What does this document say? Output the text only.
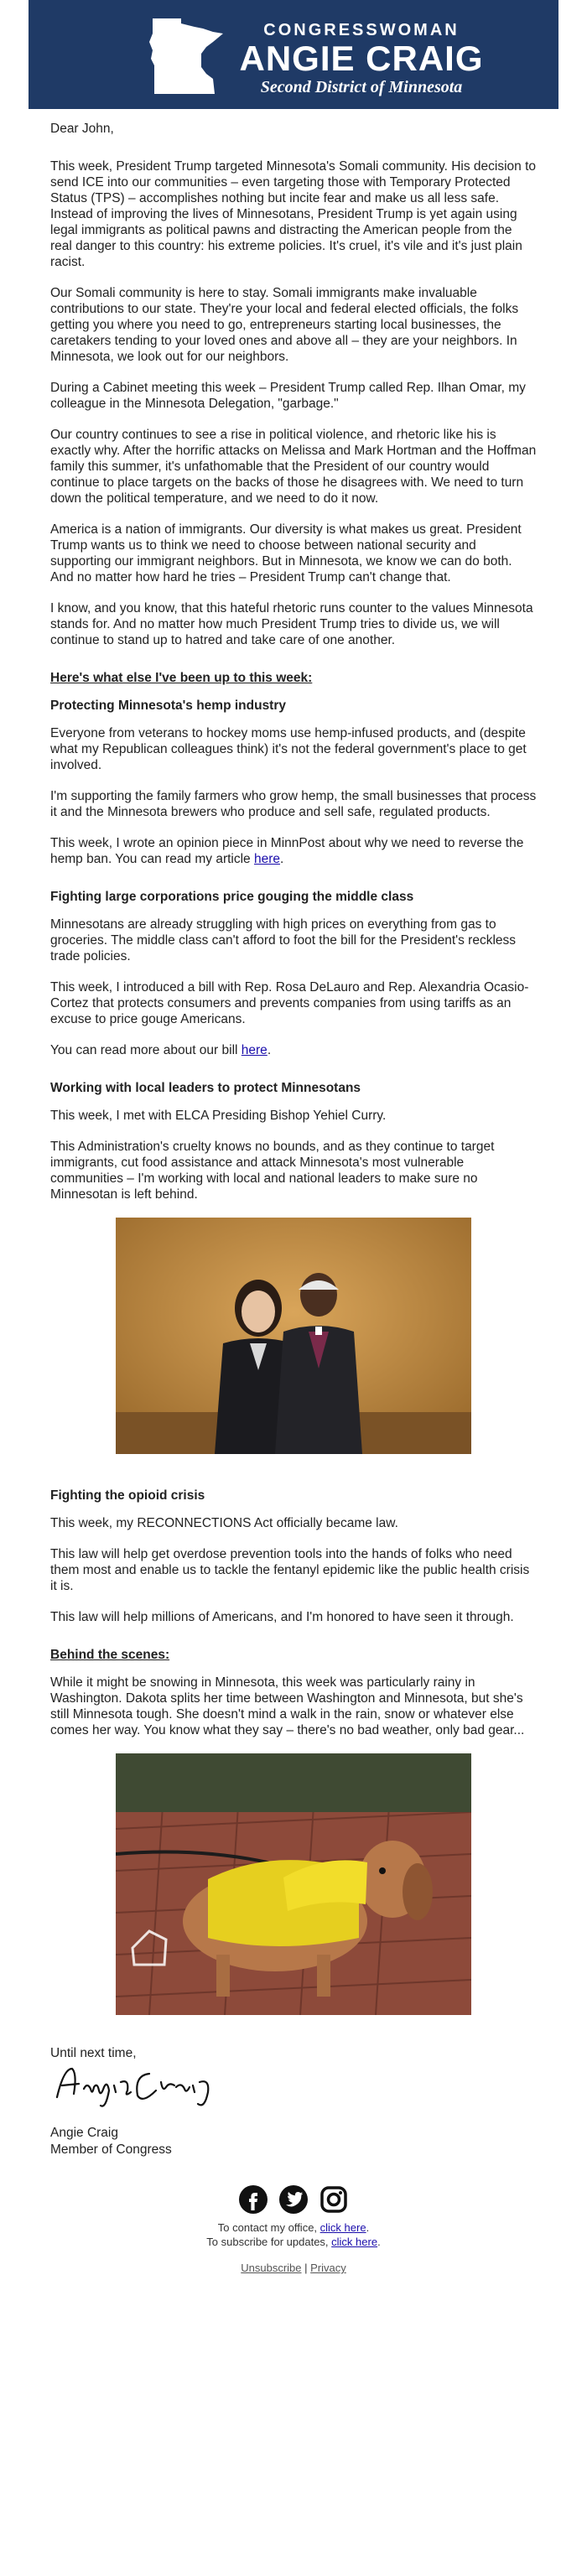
CONGRESSWOMAN
ANGIE CRAIG
Second District of Minnesota

Dear John,

This week, President Trump targeted Minnesota's Somali community. His decision to send ICE into our communities – even targeting those with Temporary Protected Status (TPS) – accomplishes nothing but incite fear and make us all less safe. Instead of improving the lives of Minnesotans, President Trump is yet again using legal immigrants as political pawns and distracting the American people from the real danger to this country: his extreme policies. It's cruel, it's vile and it's just plain racist.

Our Somali community is here to stay. Somali immigrants make invaluable contributions to our state. They're your local and federal elected officials, the folks getting you where you need to go, entrepreneurs starting local businesses, the caretakers tending to your loved ones and above all – they are your neighbors. In Minnesota, we look out for our neighbors.

During a Cabinet meeting this week – President Trump called Rep. Ilhan Omar, my colleague in the Minnesota Delegation, "garbage."

Our country continues to see a rise in political violence, and rhetoric like his is exactly why. After the horrific attacks on Melissa and Mark Hortman and the Hoffman family this summer, it's unfathomable that the President of our country would continue to place targets on the backs of those he disagrees with. We need to turn down the political temperature, and we need to do it now.

America is a nation of immigrants. Our diversity is what makes us great. President Trump wants us to think we need to choose between national security and supporting our immigrant neighbors. But in Minnesota, we know we can do both. And no matter how hard he tries – President Trump can't change that.

I know, and you know, that this hateful rhetoric runs counter to the values Minnesota stands for. And no matter how much President Trump tries to divide us, we will continue to stand up to hatred and take care of one another.

Here's what else I've been up to this week:
Protecting Minnesota's hemp industry

Everyone from veterans to hockey moms use hemp-infused products, and (despite what my Republican colleagues think) it's not the federal government's place to get involved.

I'm supporting the family farmers who grow hemp, the small businesses that process it and the Minnesota brewers who produce and sell safe, regulated products.

This week, I wrote an opinion piece in MinnPost about why we need to reverse the hemp ban. You can read my article here.

Fighting large corporations price gouging the middle class

Minnesotans are already struggling with high prices on everything from gas to groceries. The middle class can't afford to foot the bill for the President's reckless trade policies.

This week, I introduced a bill with Rep. Rosa DeLauro and Rep. Alexandria Ocasio-Cortez that protects consumers and prevents companies from using tariffs as an excuse to price gouge Americans.

You can read more about our bill here.

Working with local leaders to protect Minnesotans

This week, I met with ELCA Presiding Bishop Yehiel Curry.

This Administration's cruelty knows no bounds, and as they continue to target immigrants, cut food assistance and attack Minnesota's most vulnerable communities – I'm working with local and national leaders to make sure no Minnesotan is left behind.

Fighting the opioid crisis

This week, my RECONNECTIONS Act officially became law.

This law will help get overdose prevention tools into the hands of folks who need them most and enable us to tackle the fentanyl epidemic like the public health crisis it is.

This law will help millions of Americans, and I'm honored to have seen it through.

Behind the scenes:

While it might be snowing in Minnesota, this week was particularly rainy in Washington. Dakota splits her time between Washington and Minnesota, but she's still Minnesota tough. She doesn't mind a walk in the rain, snow or whatever else comes her way. You know what they say – there's no bad weather, only bad gear...

Until next time,

Angie Craig

Member of Congress

To contact my office, click here.
To subscribe for updates, click here.
Unsubscribe | Privacy
